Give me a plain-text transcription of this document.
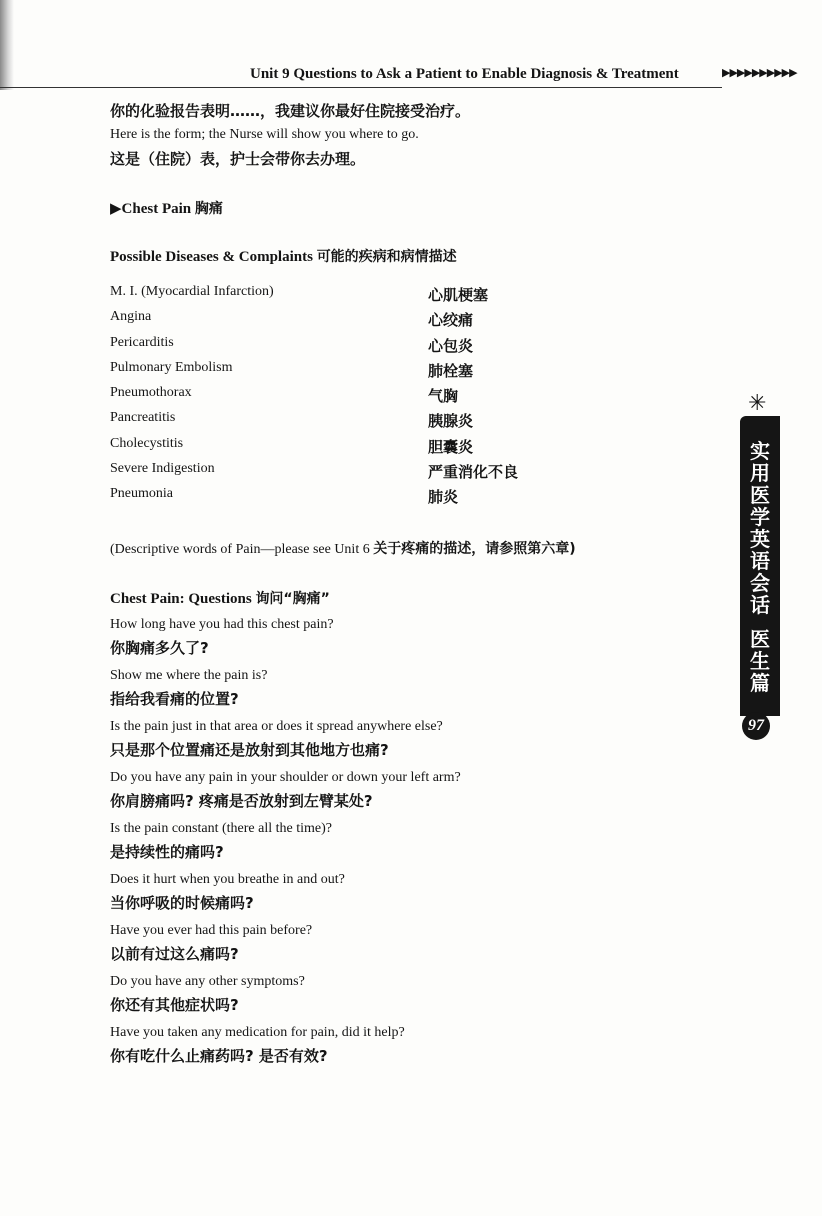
Unit 9 Questions to Ask a Patient to Enable Diagnosis & Treatment	▶▶▶▶▶▶▶▶▶▶

你的化验报告表明……，我建议你最好住院接受治疗。

Here is the form; the Nurse will show you where to go.

这是（住院）表，护士会带你去办理。

▶Chest Pain 胸痛

Possible Diseases & Complaints 可能的疾病和病情描述

M. I. (Myocardial Infarction)	心肌梗塞
Angina	心绞痛
Pericarditis	心包炎
Pulmonary Embolism	肺栓塞
Pneumothorax	气胸
Pancreatitis	胰腺炎
Cholecystitis	胆囊炎
Severe Indigestion	严重消化不良
Pneumonia	肺炎
(Descriptive words of Pain—please see Unit 6 关于疼痛的描述，请参照第六章)

Chest Pain: Questions 询问“胸痛”

How long have you had this chest pain?

你胸痛多久了?

Show me where the pain is?

指给我看痛的位置?

Is the pain just in that area or does it spread anywhere else?

只是那个位置痛还是放射到其他地方也痛?

Do you have any pain in your shoulder or down your left arm?

你肩膀痛吗? 疼痛是否放射到左臂某处?

Is the pain constant (there all the time)?

是持续性的痛吗?

Does it hurt when you breathe in and out?

当你呼吸的时候痛吗?

Have you ever had this pain before?

以前有过这么痛吗?

Do you have any other symptoms?

你还有其他症状吗?

Have you taken any medication for pain, did it help?

你有吃什么止痛药吗? 是否有效?

✳
实
用
医
学
英
语
会
话
医
生
篇
97
